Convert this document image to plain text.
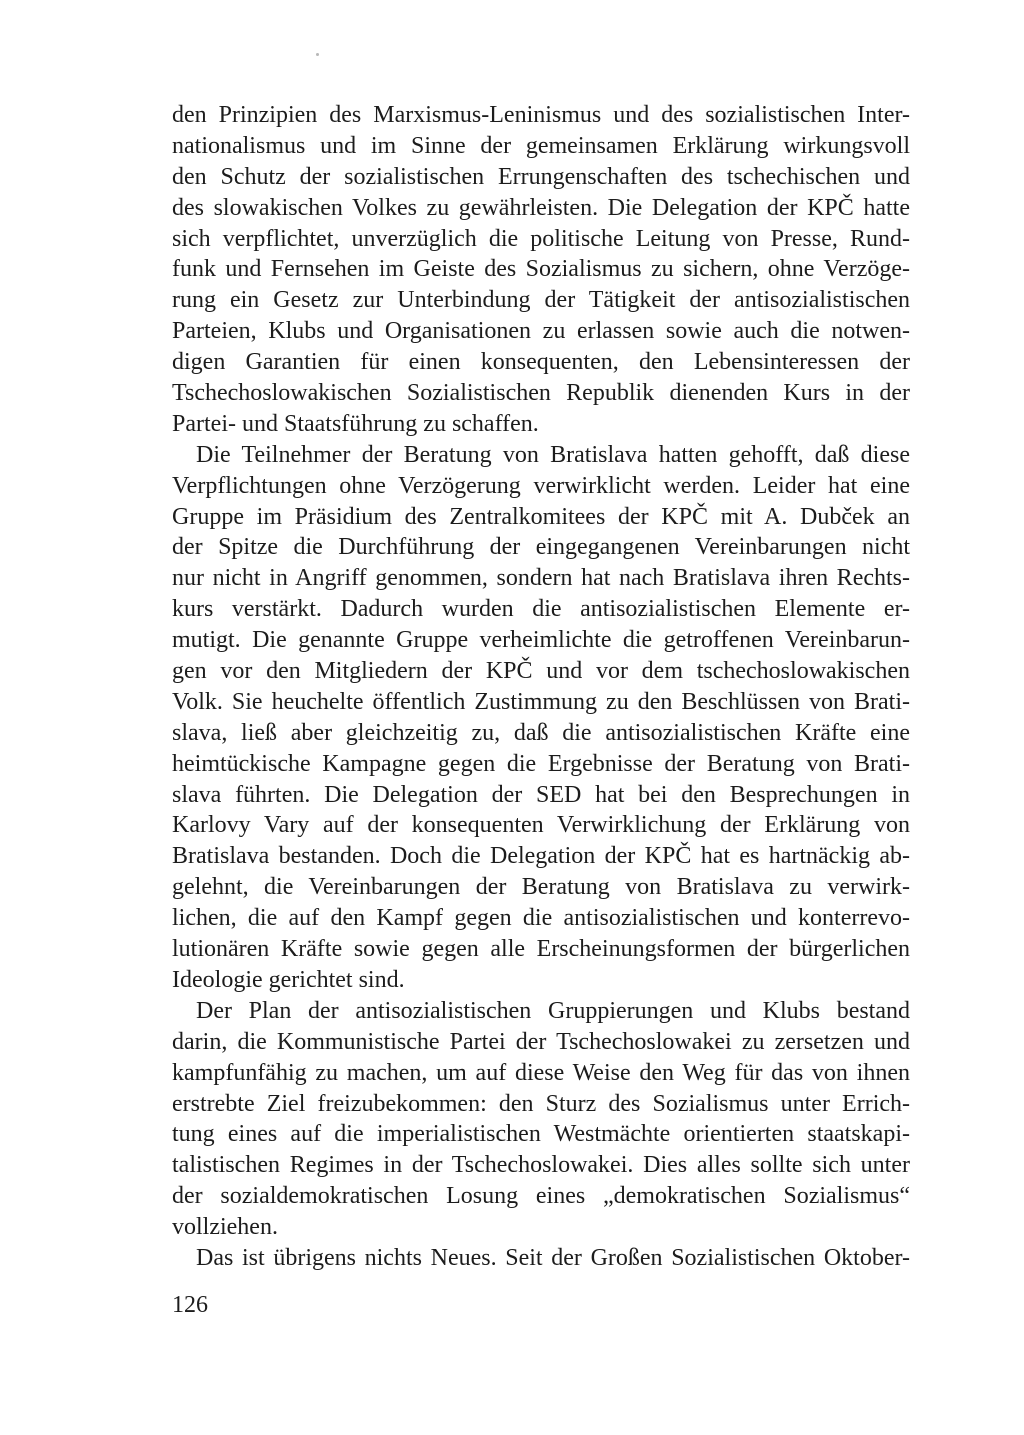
den Prinzipien des Marxismus-Leninismus und des sozialistischen Inter-
nationalismus und im Sinne der gemeinsamen Erklärung wirkungsvoll
den Schutz der sozialistischen Errungenschaften des tschechischen und
des slowakischen Volkes zu gewährleisten. Die Delegation der KPČ hatte
sich verpflichtet, unverzüglich die politische Leitung von Presse, Rund-
funk und Fernsehen im Geiste des Sozialismus zu sichern, ohne Verzöge-
rung ein Gesetz zur Unterbindung der Tätigkeit der antisozialistischen
Parteien, Klubs und Organisationen zu erlassen sowie auch die notwen-
digen Garantien für einen konsequenten, den Lebensinteressen der
Tschechoslowakischen Sozialistischen Republik dienenden Kurs in der
Partei- und Staatsführung zu schaffen.
Die Teilnehmer der Beratung von Bratislava hatten gehofft, daß diese
Verpflichtungen ohne Verzögerung verwirklicht werden. Leider hat eine
Gruppe im Präsidium des Zentralkomitees der KPČ mit A. Dubček an
der Spitze die Durchführung der eingegangenen Vereinbarungen nicht
nur nicht in Angriff genommen, sondern hat nach Bratislava ihren Rechts-
kurs verstärkt. Dadurch wurden die antisozialistischen Elemente er-
mutigt. Die genannte Gruppe verheimlichte die getroffenen Vereinbarun-
gen vor den Mitgliedern der KPČ und vor dem tschechoslowakischen
Volk. Sie heuchelte öffentlich Zustimmung zu den Beschlüssen von Brati-
slava, ließ aber gleichzeitig zu, daß die antisozialistischen Kräfte eine
heimtückische Kampagne gegen die Ergebnisse der Beratung von Brati-
slava führten. Die Delegation der SED hat bei den Besprechungen in
Karlovy Vary auf der konsequenten Verwirklichung der Erklärung von
Bratislava bestanden. Doch die Delegation der KPČ hat es hartnäckig ab-
gelehnt, die Vereinbarungen der Beratung von Bratislava zu verwirk-
lichen, die auf den Kampf gegen die antisozialistischen und konterrevo-
lutionären Kräfte sowie gegen alle Erscheinungsformen der bürgerlichen
Ideologie gerichtet sind.
Der Plan der antisozialistischen Gruppierungen und Klubs bestand
darin, die Kommunistische Partei der Tschechoslowakei zu zersetzen und
kampfunfähig zu machen, um auf diese Weise den Weg für das von ihnen
erstrebte Ziel freizubekommen: den Sturz des Sozialismus unter Errich-
tung eines auf die imperialistischen Westmächte orientierten staatskapi-
talistischen Regimes in der Tschechoslowakei. Dies alles sollte sich unter
der sozialdemokratischen Losung eines „demokratischen Sozialismus“
vollziehen.
Das ist übrigens nichts Neues. Seit der Großen Sozialistischen Oktober-
126
